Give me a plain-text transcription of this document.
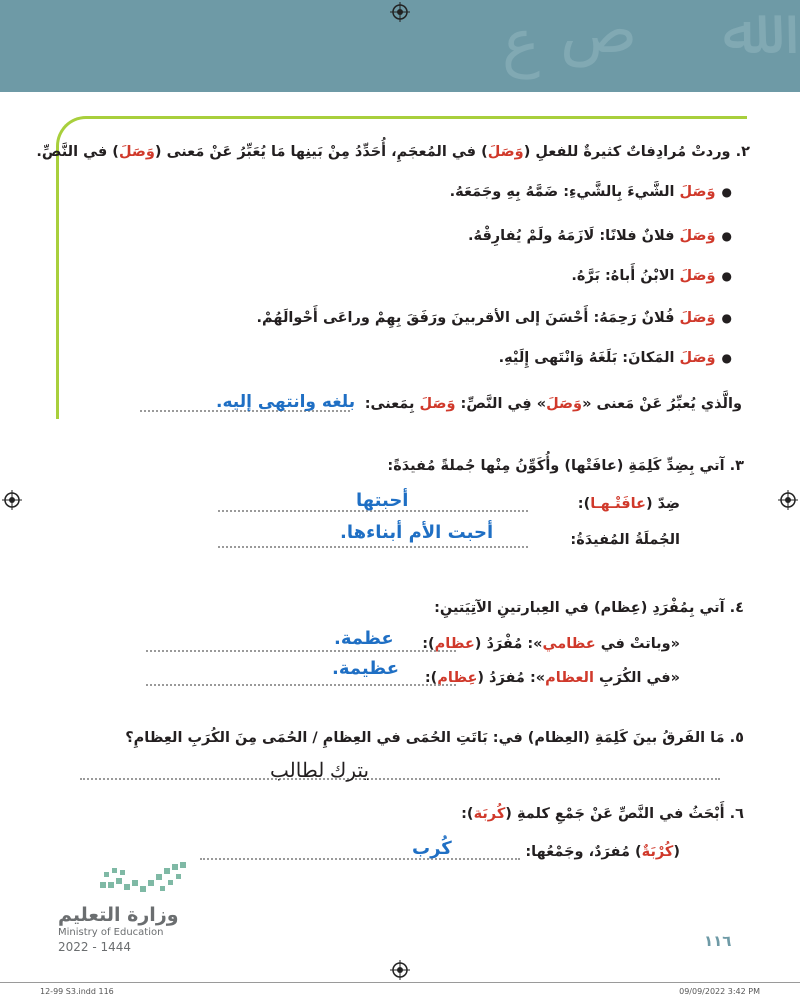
ﷲ
ﻉ ﺹ
٢. وردتْ مُرادِفاتٌ كثيرةٌ للفعلِ (وَصَلَ) في المُعجَمِ، أُحَدِّدُ مِنْ بَينِها مَا يُعَبِّرُ عَنْ مَعنى (وَصَلَ) في النَّصِّ.
●وَصَلَ الشَّيءَ بِالشَّيءِ: ضَمَّهُ بِهِ وجَمَعَهُ.
●وَصَلَ فلانٌ فلانًا: لَازَمَهُ ولَمْ يُفارِقْهُ.
●وَصَلَ الابْنُ أَباهُ: بَرَّهُ.
●وَصَلَ فُلانٌ رَحِمَهُ: أَحْسَنَ إلى الأقربينَ ورَفَقَ بِهِمْ وراعَى أَحْوالَهُمْ.
●وَصَلَ المَكانَ: بَلَغَهُ وَانْتَهى إِلَيْهِ.
والَّذي يُعبِّرُ عَنْ مَعنى «وَصَلَ» فِي النَّصِّ: وَصَلَ بِمَعنى:
بلغه وانتهى إليه.
٣. آتي بِضِدِّ كَلِمَةِ (عافَتْها) وأُكَوِّنُ مِنْها جُملةً مُفيدَةً:
ضِدّ (عافَتْـهـا):
أحبتها
الجُملَةُ المُفيدَةُ:
أحبت الأم أبناءها.
٤. آتي بِمُفْرَدِ (عِظام) في العِبارتينِ الآتِيَتينِ:
«وباتتْ في عظامي»: مُفْرَدُ (عظام):
عظمة.
«في الكُرَبِ العظام»: مُفرَدُ (عِظام):
عظيمة.
٥. مَا الفَرقُ بينَ كَلِمَةِ (العِظام) في: بَاتَتِ الحُمَى في العِظامِ / الحُمَى مِنَ الكُرَبِ العِظامِ؟
يترك لطالب
٦. أَبْحَثُ في النَّصِّ عَنْ جَمْعِ كلمةِ (كُربَة):
(كُرْبَةٌ) مُفرَدٌ، وجَمْعُها:
كُرب
وزارة التعليم
Ministry of Education
2022 - 1444	١١٦
12-99 S3.indd 116	09/09/2022 3:42 PM
